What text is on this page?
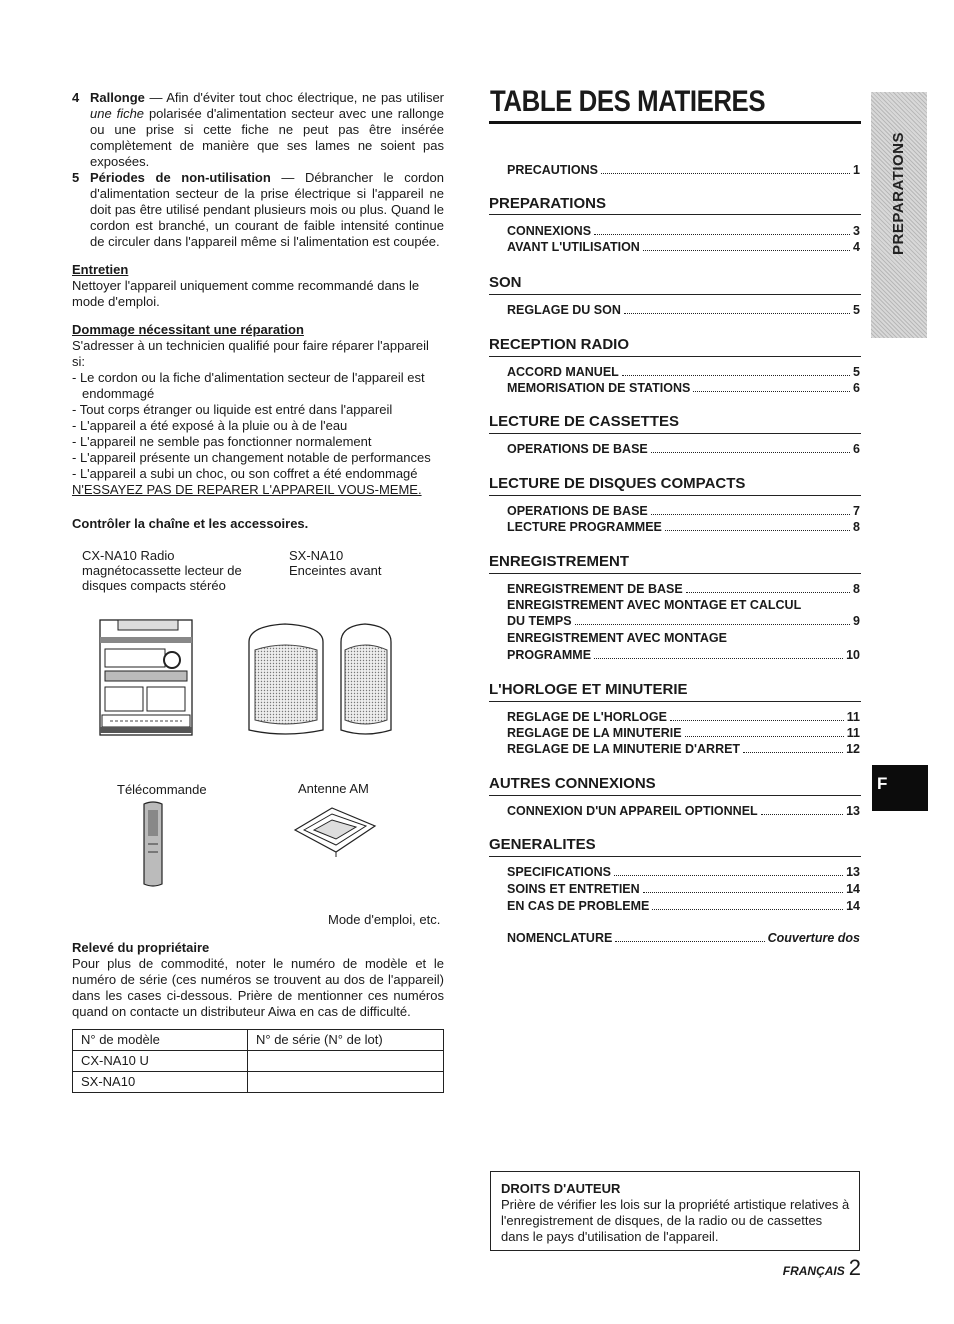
4 Rallonge — Afin d'éviter tout choc électrique, ne pas utiliser une fiche polarisée d'alimentation secteur avec une rallonge ou une prise si cette fiche ne peut pas être insérée complètement de manière que ses lames ne soient pas exposées.
5 Périodes de non-utilisation — Débrancher le cordon d'alimentation secteur de la prise électrique si l'appareil ne doit pas être utilisé pendant plusieurs mois ou plus. Quand le cordon est branché, un courant de faible intensité continue de circuler dans l'appareil même si l'alimentation est coupée.
Entretien
Nettoyer l'appareil uniquement comme recommandé dans le mode d'emploi.
Dommage nécessitant une réparation
S'adresser à un technicien qualifié pour faire réparer l'appareil si:
- Le cordon ou la fiche d'alimentation secteur de l'appareil est endommagé
- Tout corps étranger ou liquide est entré dans l'appareil
- L'appareil a été exposé à la pluie ou à de l'eau
- L'appareil ne semble pas fonctionner normalement
- L'appareil présente un changement notable de performances
- L'appareil a subi un choc, ou son coffret a été endommagé
N'ESSAYEZ PAS DE REPARER L'APPAREIL VOUS-MEME.
Contrôler la chaîne et les accessoires.
CX-NA10 Radio magnétocassette lecteur de disques compacts stéréo
SX-NA10
Enceintes avant
Télécommande	Antenne AM
Mode d'emploi, etc.
Relevé du propriétaire
Pour plus de commodité, noter le numéro de modèle et le numéro de série (ces numéros se trouvent au dos de l'appareil) dans les cases ci-dessous. Prière de mentionner ces numéros quand on contacte un distributeur Aiwa en cas de difficulté.
N° de modèle	N° de série (N° de lot)
CX-NA10 U	
SX-NA10	
TABLE DES MATIERES
PRECAUTIONS	1
PREPARATIONS
CONNEXIONS	3
AVANT L'UTILISATION	4
SON
REGLAGE DU SON	5
RECEPTION RADIO
ACCORD MANUEL	5
MEMORISATION DE STATIONS	6
LECTURE DE CASSETTES
OPERATIONS DE BASE	6
LECTURE DE DISQUES COMPACTS
OPERATIONS DE BASE	7
LECTURE PROGRAMMEE	8
ENREGISTREMENT
ENREGISTREMENT DE BASE	8
ENREGISTREMENT AVEC MONTAGE ET CALCUL
DU TEMPS	9
ENREGISTREMENT AVEC MONTAGE
PROGRAMME	10
L'HORLOGE ET MINUTERIE
REGLAGE DE L'HORLOGE	11
REGLAGE DE LA MINUTERIE	11
REGLAGE DE LA MINUTERIE D'ARRET	12
AUTRES CONNEXIONS
CONNEXION D'UN APPAREIL OPTIONNEL	13
GENERALITES
SPECIFICATIONS	13
SOINS ET ENTRETIEN	14
EN CAS DE PROBLEME	14
NOMENCLATURE	Couverture dos
PREPARATIONS
F
DROITS D'AUTEUR
Prière de vérifier les lois sur la propriété artistique relatives à l'enregistrement de disques, de la radio ou de cassettes dans le pays d'utilisation de l'appareil.
FRANÇAIS 2
